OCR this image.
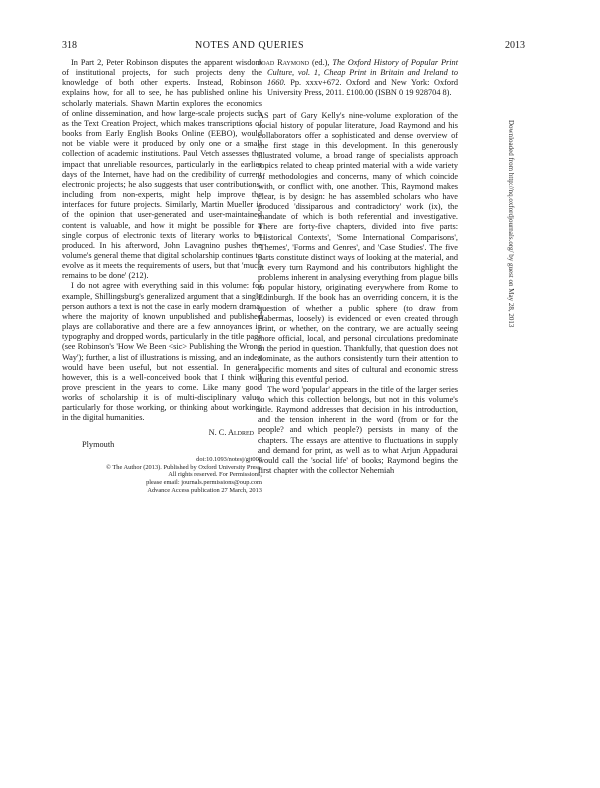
318	NOTES AND QUERIES	2013

In Part 2, Peter Robinson disputes the apparent wisdom of institutional projects, for such projects deny the knowledge of both other experts. Instead, Robinson explains how, for all to see, he has published online his scholarly materials. Shawn Martin explores the economics of online dissemination, and how large-scale projects such as the Text Creation Project, which makes transcriptions of books from Early English Books Online (EEBO), would not be viable were it produced by only one or a small collection of academic institutions. Paul Vetch assesses the impact that unreliable resources, particularly in the earlier days of the Internet, have had on the credibility of current electronic projects; he also suggests that user contributions, including from non-experts, might help improve the interfaces for future projects. Similarly, Martin Mueller is of the opinion that user-generated and user-maintained content is valuable, and how it might be possible for a single corpus of electronic texts of literary works to be produced. In his afterword, John Lavagnino pushes the volume's general theme that digital scholarship continues to evolve as it meets the requirements of users, but that 'much remains to be done' (212).

I do not agree with everything said in this volume: for example, Shillingsburg's generalized argument that a single person authors a text is not the case in early modern drama, where the majority of known unpublished and published plays are collaborative and there are a few annoyances in typography and dropped words, particularly in the title page (see Robinson's 'How We Been <sic> Publishing the Wrong Way'); further, a list of illustrations is missing, and an index would have been useful, but not essential. In general, however, this is a well-conceived book that I think will prove prescient in the years to come. Like many good works of scholarship it is of multi-disciplinary value, particularly for those working, or thinking about working, in the digital humanities.

N. C. Aldred
Plymouth
doi:10.1093/notesj/gjt008
© The Author (2013). Published by Oxford University Press.
All rights reserved. For Permissions,
please email: journals.permissions@oup.com
Advance Access publication 27 March, 2013
Joad Raymond (ed.), The Oxford History of Popular Print Culture, vol. 1, Cheap Print in Britain and Ireland to 1660. Pp. xxxv+672. Oxford and New York: Oxford University Press, 2011. £100.00 (ISBN 0 19 928704 8).

AS part of Gary Kelly's nine-volume exploration of the social history of popular literature, Joad Raymond and his collaborators offer a sophisticated and dense overview of the first stage in this development. In this generously illustrated volume, a broad range of specialists approach topics related to cheap printed material with a wide variety of methodologies and concerns, many of which coincide with, or conflict with, one another. This, Raymond makes clear, is by design: he has assembled scholars who have produced 'dissiparous and contradictory' work (ix), the mandate of which is both referential and investigative. There are forty-five chapters, divided into five parts: 'Historical Contexts', 'Some International Comparisons', 'Themes', 'Forms and Genres', and 'Case Studies'. The five parts constitute distinct ways of looking at the material, and at every turn Raymond and his contributors highlight the problems inherent in analysing everything from plague bills to popular history, originating everywhere from Rome to Edinburgh. If the book has an overriding concern, it is the question of whether a public sphere (to draw from Habermas, loosely) is evidenced or even created through print, or whether, on the contrary, we are actually seeing more official, local, and personal circulations predominate in the period in question. Thankfully, that question does not dominate, as the authors consistently turn their attention to specific moments and sites of cultural and economic stress during this eventful period.

The word 'popular' appears in the title of the larger series to which this collection belongs, but not in this volume's title. Raymond addresses that decision in his introduction, and the tension inherent in the word (from or for the people? and which people?) persists in many of the chapters. The essays are attentive to fluctuations in supply and demand for print, as well as to what Arjun Appadurai would call the 'social life' of books; Raymond begins the first chapter with the collector Nehemiah

Downloaded from http://nq.oxfordjournals.org/ by guest on May 28, 2013
